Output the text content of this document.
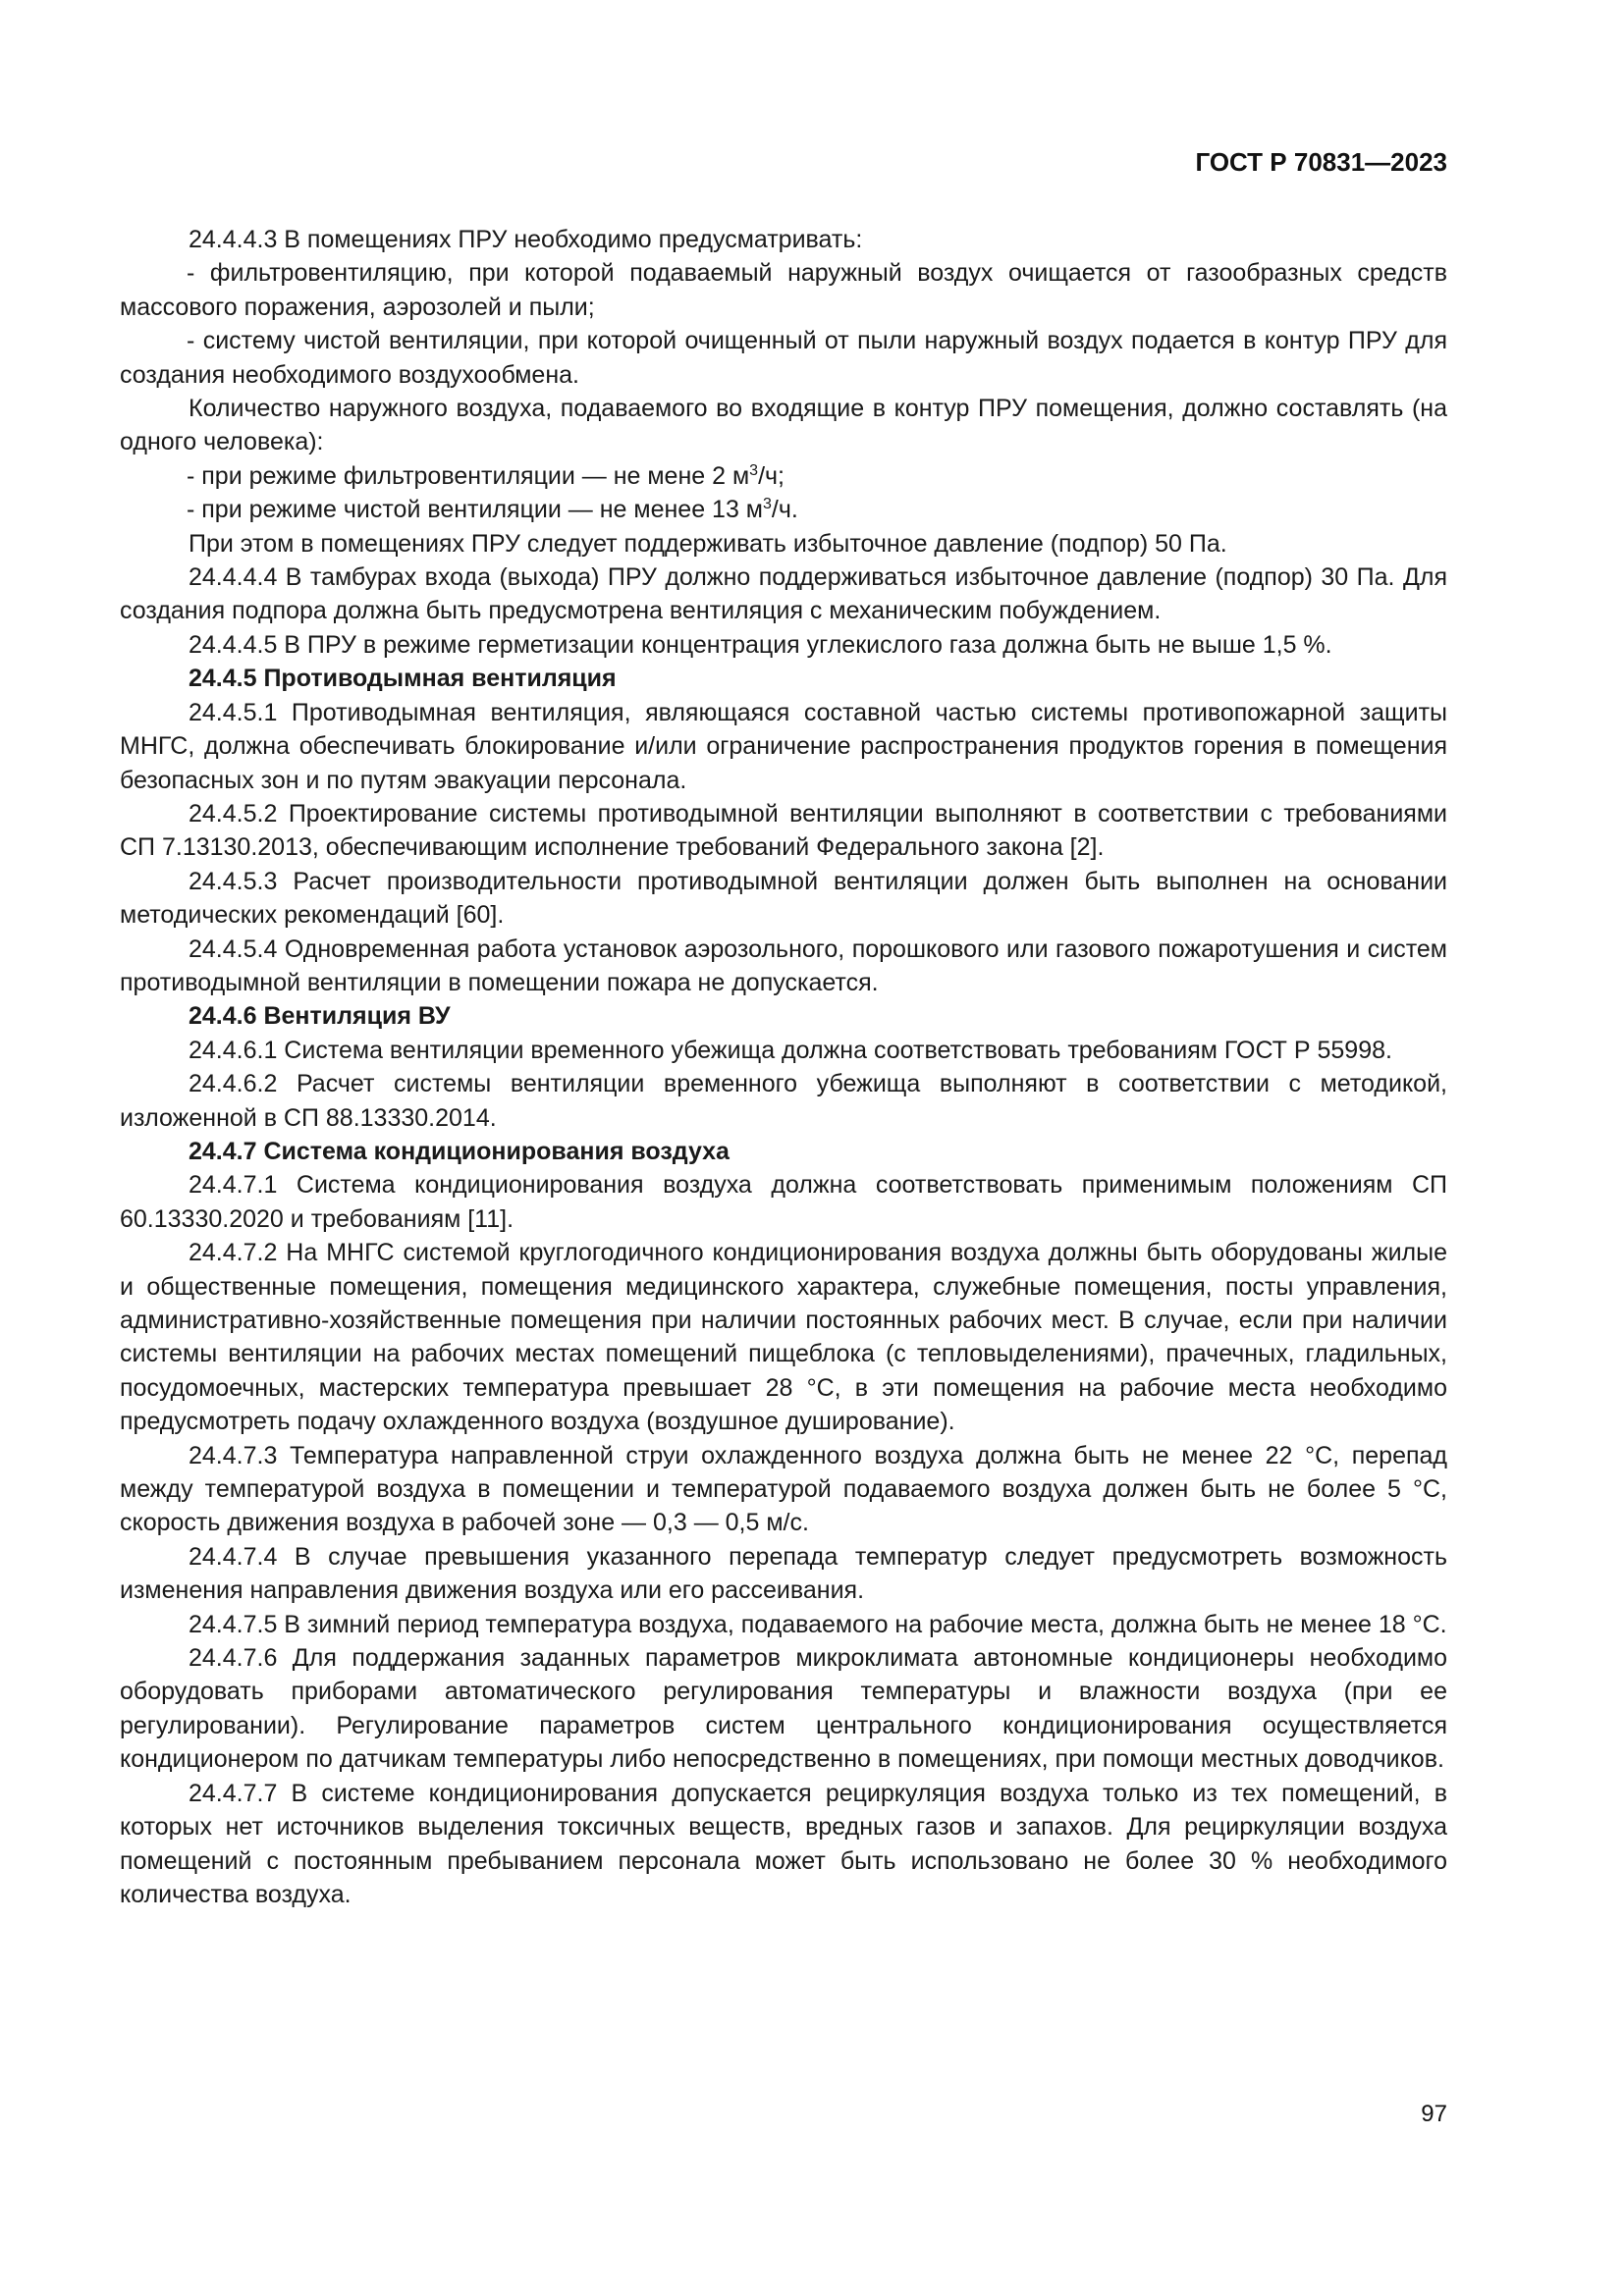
ГОСТ Р 70831—2023

24.4.4.3 В помещениях ПРУ необходимо предусматривать:

- фильтровентиляцию, при которой подаваемый наружный воздух очищается от газообразных средств массового поражения, аэрозолей и пыли;

- систему чистой вентиляции, при которой очищенный от пыли наружный воздух подается в контур ПРУ для создания необходимого воздухообмена.

Количество наружного воздуха, подаваемого во входящие в контур ПРУ помещения, должно составлять (на одного человека):

- при режиме фильтровентиляции — не мене 2 $м^3/ч$;

- при режиме чистой вентиляции — не менее 13 $м^3/ч$.

При этом в помещениях ПРУ следует поддерживать избыточное давление (подпор) 50 Па.

24.4.4.4 В тамбурах входа (выхода) ПРУ должно поддерживаться избыточное давление (подпор) 30 Па. Для создания подпора должна быть предусмотрена вентиляция с механическим побуждением.

24.4.4.5 В ПРУ в режиме герметизации концентрация углекислого газа должна быть не выше 1,5 %.

24.4.5 Противодымная вентиляция

24.4.5.1 Противодымная вентиляция, являющаяся составной частью системы противопожарной защиты МНГС, должна обеспечивать блокирование и/или ограничение распространения продуктов горения в помещения безопасных зон и по путям эвакуации персонала.

24.4.5.2 Проектирование системы противодымной вентиляции выполняют в соответствии с требованиями СП 7.13130.2013, обеспечивающим исполнение требований Федерального закона [2].

24.4.5.3 Расчет производительности противодымной вентиляции должен быть выполнен на основании методических рекомендаций [60].

24.4.5.4 Одновременная работа установок аэрозольного, порошкового или газового пожаротушения и систем противодымной вентиляции в помещении пожара не допускается.

24.4.6 Вентиляция ВУ

24.4.6.1 Система вентиляции временного убежища должна соответствовать требованиям ГОСТ Р 55998.

24.4.6.2 Расчет системы вентиляции временного убежища выполняют в соответствии с методикой, изложенной в СП 88.13330.2014.

24.4.7 Система кондиционирования воздуха

24.4.7.1 Система кондиционирования воздуха должна соответствовать применимым положениям СП 60.13330.2020 и требованиям [11].

24.4.7.2 На МНГС системой круглогодичного кондиционирования воздуха должны быть оборудованы жилые и общественные помещения, помещения медицинского характера, служебные помещения, посты управления, административно-хозяйственные помещения при наличии постоянных рабочих мест. В случае, если при наличии системы вентиляции на рабочих местах помещений пищеблока (с тепловыделениями), прачечных, гладильных, посудомоечных, мастерских температура превышает 28 °С, в эти помещения на рабочие места необходимо предусмотреть подачу охлажденного воздуха (воздушное душирование).

24.4.7.3 Температура направленной струи охлажденного воздуха должна быть не менее 22 °С, перепад между температурой воздуха в помещении и температурой подаваемого воздуха должен быть не более 5 °С, скорость движения воздуха в рабочей зоне — 0,3 — 0,5 м/с.

24.4.7.4 В случае превышения указанного перепада температур следует предусмотреть возможность изменения направления движения воздуха или его рассеивания.

24.4.7.5 В зимний период температура воздуха, подаваемого на рабочие места, должна быть не менее 18 °С.

24.4.7.6 Для поддержания заданных параметров микроклимата автономные кондиционеры необходимо оборудовать приборами автоматического регулирования температуры и влажности воздуха (при ее регулировании). Регулирование параметров систем центрального кондиционирования осуществляется кондиционером по датчикам температуры либо непосредственно в помещениях, при помощи местных доводчиков.

24.4.7.7 В системе кондиционирования допускается рециркуляция воздуха только из тех помещений, в которых нет источников выделения токсичных веществ, вредных газов и запахов. Для рециркуляции воздуха помещений с постоянным пребыванием персонала может быть использовано не более 30 % необходимого количества воздуха.

97
